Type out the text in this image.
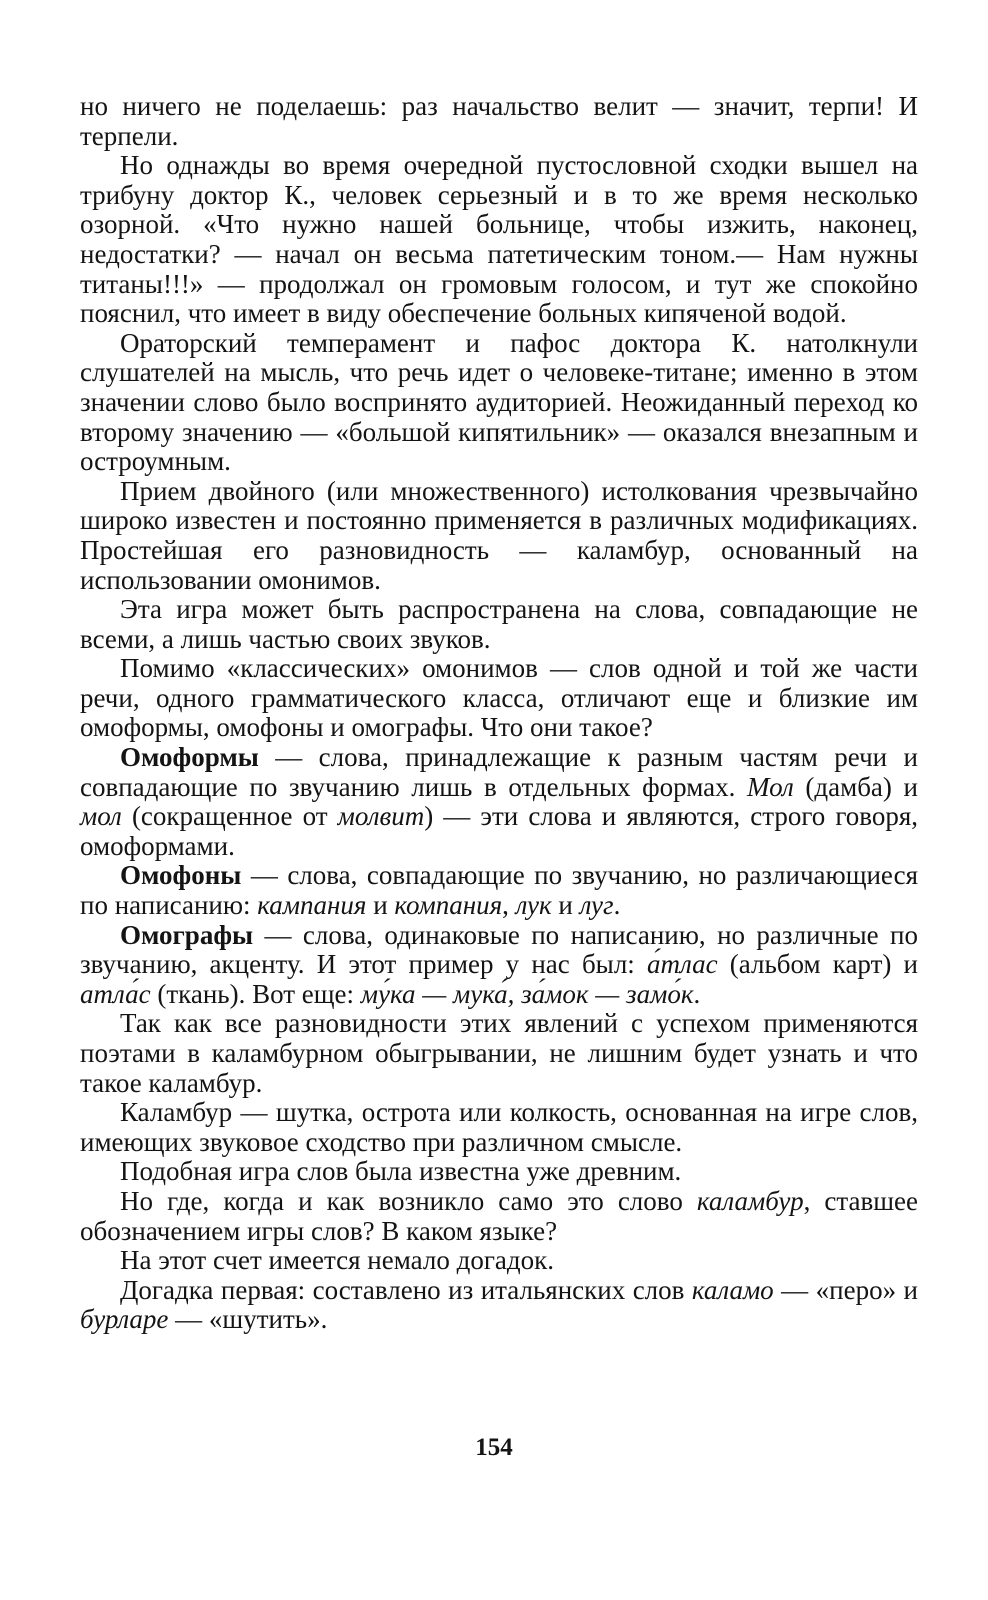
но ничего не поделаешь: раз начальство велит — значит, терпи! И терпели.

Но однажды во время очередной пустословной сходки вышел на трибуну доктор К., человек серьезный и в то же время несколько озорной. «Что нужно нашей больнице, чтобы изжить, наконец, недостатки? — начал он весьма патетическим тоном.— Нам нужны титаны!!!» — продолжал он громовым голосом, и тут же спокойно пояснил, что имеет в виду обеспечение больных кипяченой водой.

Ораторский темперамент и пафос доктора К. натолкнули слушателей на мысль, что речь идет о человеке-титане; именно в этом значении слово было воспринято аудиторией. Неожиданный переход ко второму значению — «большой кипятильник» — оказался внезапным и остроумным.

Прием двойного (или множественного) истолкования чрезвычайно широко известен и постоянно применяется в различных модификациях. Простейшая его разновидность — каламбур, основанный на использовании омонимов.

Эта игра может быть распространена на слова, совпадающие не всеми, а лишь частью своих звуков.

Помимо «классических» омонимов — слов одной и той же части речи, одного грамматического класса, отличают еще и близкие им омоформы, омофоны и омографы. Что они такое?

Омоформы — слова, принадлежащие к разным частям речи и совпадающие по звучанию лишь в отдельных формах. Мол (дамба) и мол (сокращенное от молвит) — эти слова и являются, строго говоря, омоформами.

Омофоны — слова, совпадающие по звучанию, но различающиеся по написанию: кампания и компания, лук и луг.

Омографы — слова, одинаковые по написанию, но различные по звучанию, акценту. И этот пример у нас был: а́тлас (альбом карт) и атла́с (ткань). Вот еще: му́ка — мука́, за́мок — замо́к.

Так как все разновидности этих явлений с успехом применяются поэтами в каламбурном обыгрывании, не лишним будет узнать и что такое каламбур.

Каламбур — шутка, острота или колкость, основанная на игре слов, имеющих звуковое сходство при различном смысле.

Подобная игра слов была известна уже древним.

Но где, когда и как возникло само это слово каламбур, ставшее обозначением игры слов? В каком языке?

На этот счет имеется немало догадок.

Догадка первая: составлено из итальянских слов каламо — «перо» и бурларе — «шутить».

154
